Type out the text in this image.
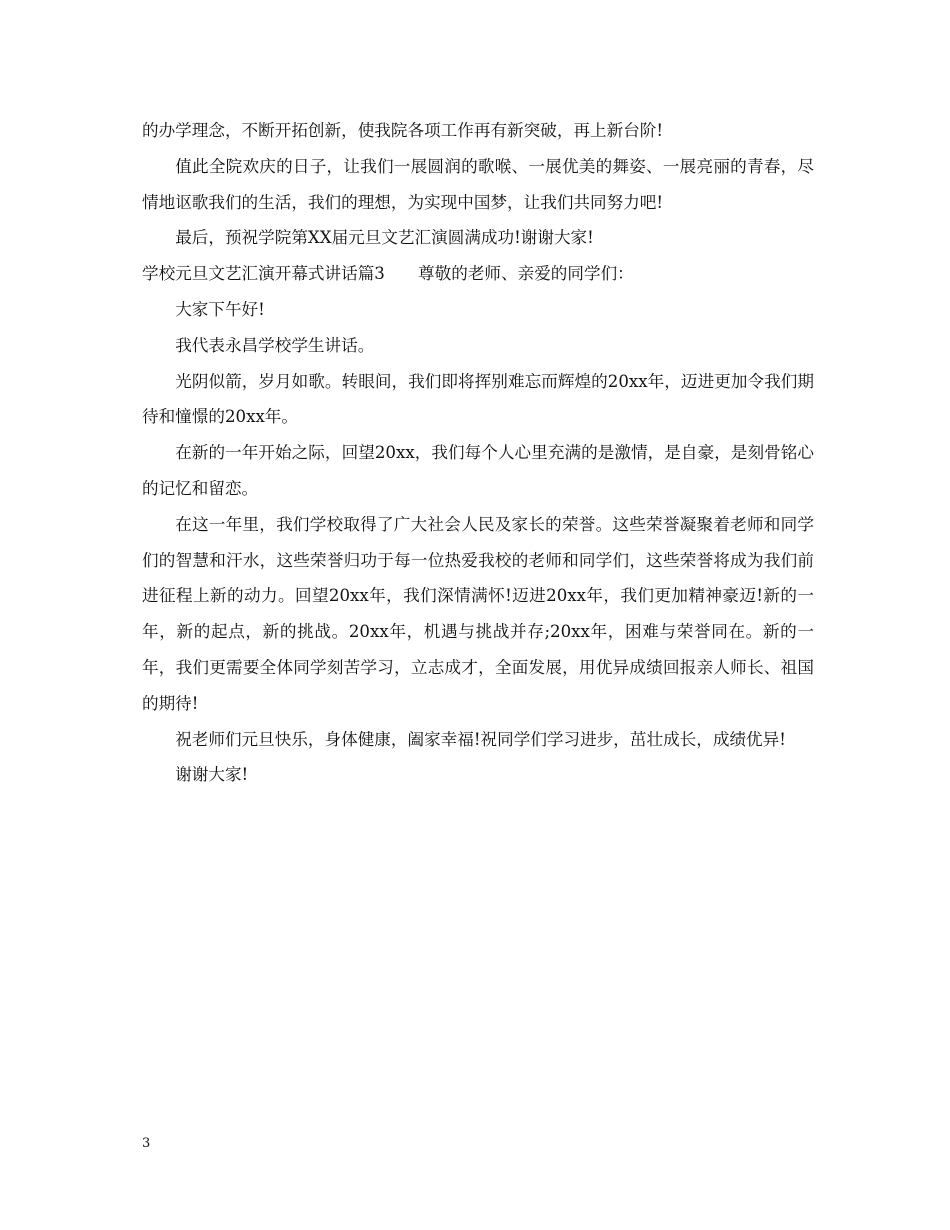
的办学理念，不断开拓创新，使我院各项工作再有新突破，再上新台阶!

值此全院欢庆的日子，让我们一展圆润的歌喉、一展优美的舞姿、一展亮丽的青春，尽情地讴歌我们的生活，我们的理想，为实现中国梦，让我们共同努力吧!

最后，预祝学院第XX届元旦文艺汇演圆满成功!谢谢大家!

学校元旦文艺汇演开幕式讲话篇3　　尊敬的老师、亲爱的同学们：

大家下午好!

我代表永昌学校学生讲话。

光阴似箭，岁月如歌。转眼间，我们即将挥别难忘而辉煌的20xx年，迈进更加令我们期待和憧憬的20xx年。

在新的一年开始之际，回望20xx，我们每个人心里充满的是激情，是自豪，是刻骨铭心的记忆和留恋。

在这一年里，我们学校取得了广大社会人民及家长的荣誉。这些荣誉凝聚着老师和同学们的智慧和汗水，这些荣誉归功于每一位热爱我校的老师和同学们，这些荣誉将成为我们前进征程上新的动力。回望20xx年，我们深情满怀!迈进20xx年，我们更加精神豪迈!新的一年，新的起点，新的挑战。20xx年，机遇与挑战并存;20xx年，困难与荣誉同在。新的一年，我们更需要全体同学刻苦学习，立志成才，全面发展，用优异成绩回报亲人师长、祖国的期待!

祝老师们元旦快乐，身体健康，阖家幸福!祝同学们学习进步，茁壮成长，成绩优异!

谢谢大家!

3
